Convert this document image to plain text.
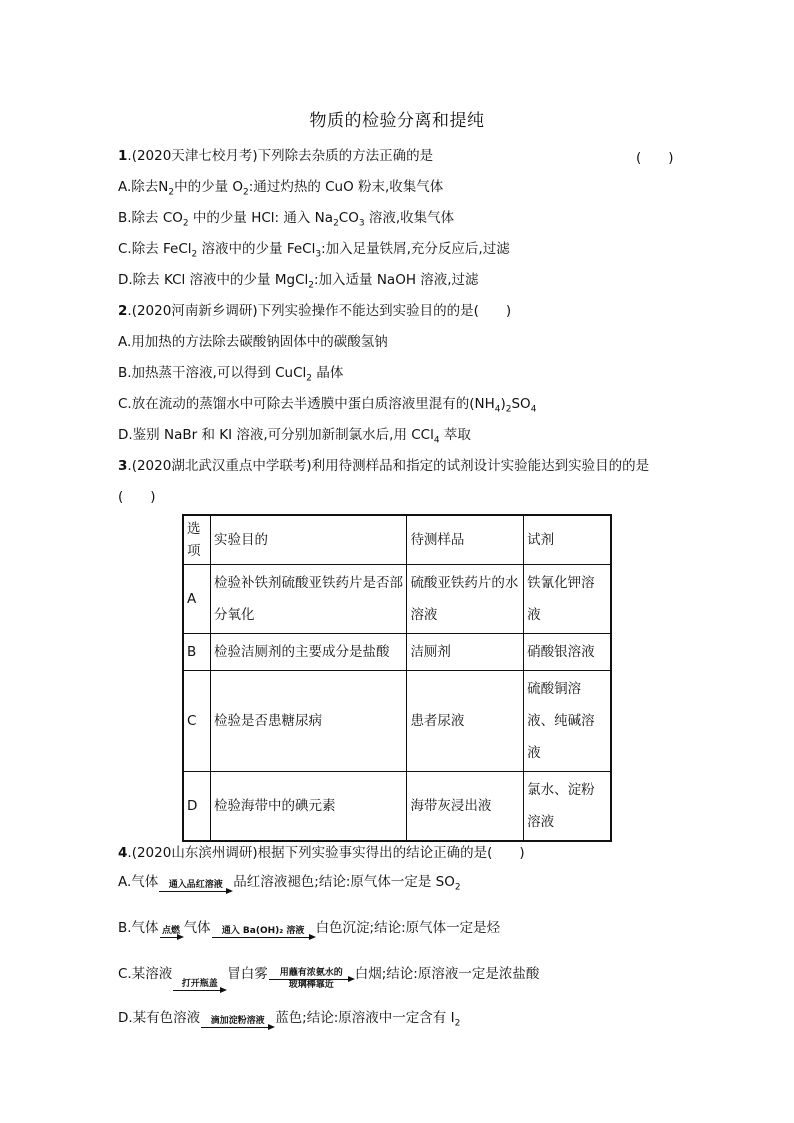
物质的检验分离和提纯
1.(2020天津七校月考)下列除去杂质的方法正确的是	(　　)
A.除去$N_2$中的少量 $O_2$:通过灼热的 CuO 粉末,收集气体
B.除去 $CO_2$ 中的少量 HCl: 通入 $Na_2CO_3$ 溶液,收集气体
C.除去 FeCl$_2$ 溶液中的少量 FeCl$_3$:加入足量铁屑,充分反应后,过滤
D.除去 KCl 溶液中的少量 MgCl$_2$:加入适量 NaOH 溶液,过滤
2.(2020河南新乡调研)下列实验操作不能达到实验目的的是(　　)
A.用加热的方法除去碳酸钠固体中的碳酸氢钠
B.加热蒸干溶液,可以得到 CuCl$_2$ 晶体
C.放在流动的蒸馏水中可除去半透膜中蛋白质溶液里混有的$(NH_4)_2SO_4$
D.鉴别 NaBr 和 KI 溶液,可分别加新制氯水后,用 CCl$_4$ 萃取
3.(2020湖北武汉重点中学联考)利用待测样品和指定的试剂设计实验能达到实验目的的是
(　　)
选项	实验目的	待测样品	试剂
A	检验补铁剂硫酸亚铁药片是否部分氧化	硫酸亚铁药片的水溶液	铁氰化钾溶液
B	检验洁厕剂的主要成分是盐酸	洁厕剂	硝酸银溶液
C	检验是否患糖尿病	患者尿液	硫酸铜溶液、纯碱溶液
D	检验海带中的碘元素	海带灰浸出液	氯水、淀粉溶液
4.(2020山东滨州调研)根据下列实验事实得出的结论正确的是(　　)
A.气体	通入品红溶液 品红溶液褪色;结论:原气体一定是 $SO_2$
B.气体 点燃 气体	通入 Ba(OH)₂ 溶液 白色沉淀;结论:原气体一定是烃
C.某溶液
打开瓶盖
冒白雾	用蘸有浓氨水的
玻璃棒靠近
白烟;结论:原溶液一定是浓盐酸
D.某有色溶液	滴加淀粉溶液 蓝色;结论:原溶液中一定含有 $I_2$
